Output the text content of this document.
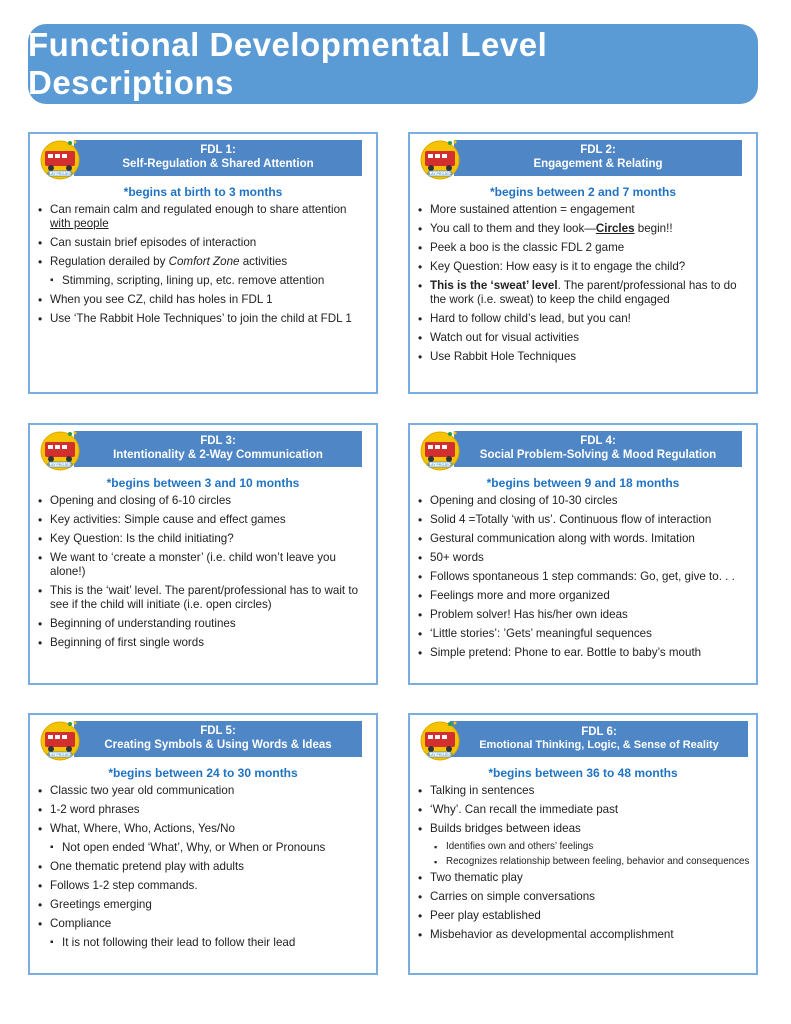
Functional Developmental Level Descriptions
FDL 1:
Self-Regulation & Shared Attention
PLAY PROJECT
*begins at birth to 3 months
• Can remain calm and regulated enough to share attention with people
• Can sustain brief episodes of interaction
• Regulation derailed by Comfort Zone activities
▪ Stimming, scripting, lining up, etc. remove attention
• When you see CZ, child has holes in FDL 1
• Use ‘The Rabbit Hole Techniques’ to join the child at FDL 1
FDL 2:
Engagement & Relating
PLAY PROJECT
*begins between 2 and 7 months
• More sustained attention = engagement
• You call to them and they look—Circles begin!!
• Peek a boo is the classic FDL 2 game
• Key Question: How easy is it to engage the child?
• This is the ‘sweat’ level. The parent/professional has to do the work (i.e. sweat) to keep the child engaged
• Hard to follow child’s lead, but you can!
• Watch out for visual activities
• Use Rabbit Hole Techniques
FDL 3:
Intentionality & 2-Way Communication
PLAY PROJECT
*begins between 3 and 10 months
• Opening and closing of 6-10 circles
• Key activities: Simple cause and effect games
• Key Question: Is the child initiating?
• We want to ‘create a monster’ (i.e. child won’t leave you alone!)
• This is the ‘wait’ level. The parent/professional has to wait to see if the child will initiate (i.e. open circles)
• Beginning of understanding routines
• Beginning of first single words
FDL 4:
Social Problem-Solving & Mood Regulation
PLAY PROJECT
*begins between 9 and 18 months
• Opening and closing of 10-30 circles
• Solid 4 =Totally ‘with us’. Continuous flow of interaction
• Gestural communication along with words. Imitation
• 50+ words
• Follows spontaneous 1 step commands: Go, get, give to. . .
• Feelings more and more organized
• Problem solver! Has his/her own ideas
• ‘Little stories’: ’Gets’ meaningful sequences
• Simple pretend: Phone to ear. Bottle to baby’s mouth
FDL 5:
Creating Symbols & Using Words & Ideas
PLAY PROJECT
*begins between 24 to 30 months
• Classic two year old communication
• 1-2 word phrases
• What, Where, Who, Actions, Yes/No
▪ Not open ended ‘What’, Why, or When or Pronouns
• One thematic pretend play with adults
• Follows 1-2 step commands.
• Greetings emerging
• Compliance
▪ It is not following their lead to follow their lead
FDL 6:
Emotional Thinking, Logic, & Sense of Reality
PLAY PROJECT
*begins between 36 to 48 months
• Talking in sentences
• ‘Why’. Can recall the immediate past
• Builds bridges between ideas
▪ Identifies own and others’ feelings
▪ Recognizes relationship between feeling, behavior and consequences
• Two thematic play
• Carries on simple conversations
• Peer play established
• Misbehavior as developmental accomplishment
